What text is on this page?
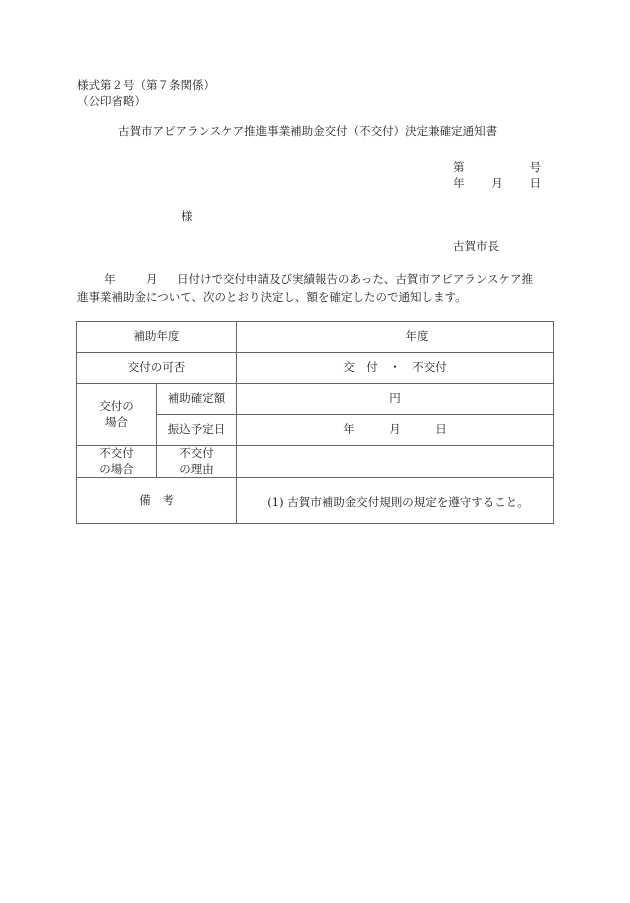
様式第２号（第７条関係）
（公印省略）
古賀市アピアランスケア推進事業補助金交付（不交付）決定兼確定通知書
第	号
年 月 日
様
古賀市長
年	月 日付けで交付申請及び実績報告のあった、古賀市アピアランスケア推
進事業補助金について、次のとおり決定し、額を確定したので通知します。
補助年度		年度
交付の可否		交　付　・　不交付
交付の
場合	補助確定額	円
	振込予定日	年　　　月　　　日
不交付
の場合	不交付
の理由	
備　考		(1) 古賀市補助金交付規則の規定を遵守すること。
